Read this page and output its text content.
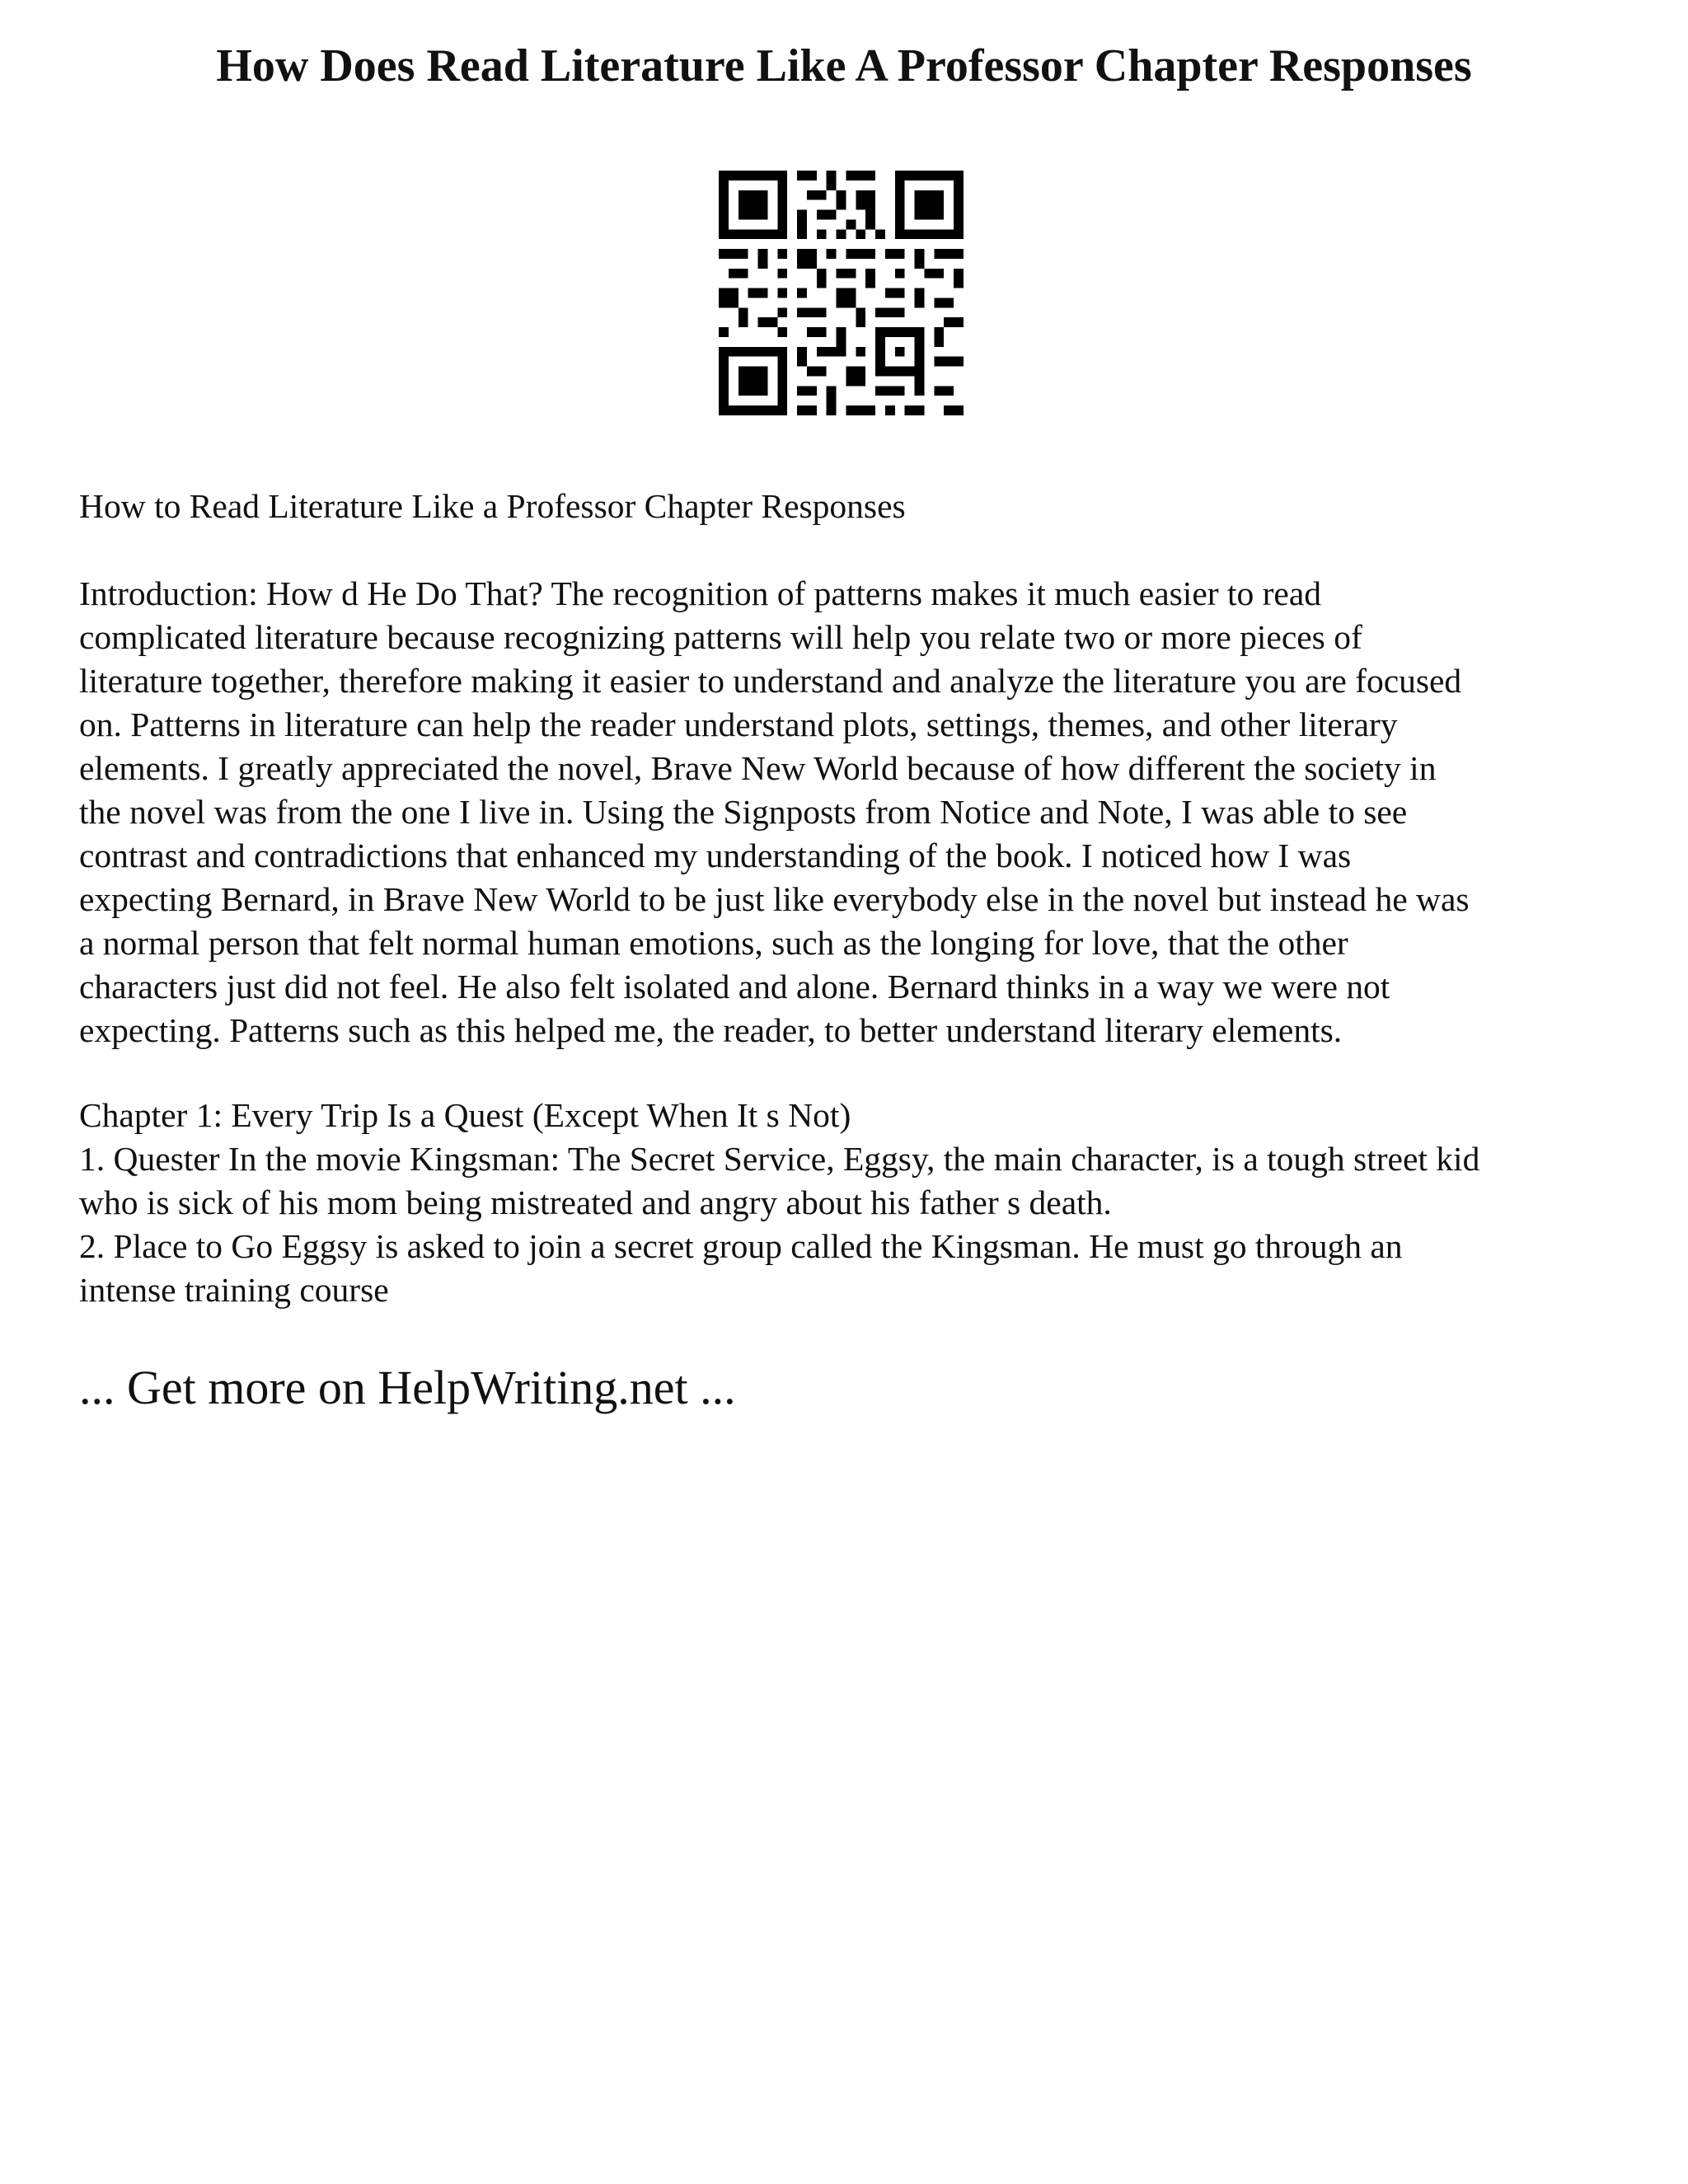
How Does Read Literature Like A Professor Chapter Responses

How to Read Literature Like a Professor Chapter Responses

Introduction: How d He Do That? The recognition of patterns makes it much easier to read
complicated literature because recognizing patterns will help you relate two or more pieces of
literature together, therefore making it easier to understand and analyze the literature you are focused
on. Patterns in literature can help the reader understand plots, settings, themes, and other literary
elements. I greatly appreciated the novel, Brave New World because of how different the society in
the novel was from the one I live in. Using the Signposts from Notice and Note, I was able to see
contrast and contradictions that enhanced my understanding of the book. I noticed how I was
expecting Bernard, in Brave New World to be just like everybody else in the novel but instead he was
a normal person that felt normal human emotions, such as the longing for love, that the other
characters just did not feel. He also felt isolated and alone. Bernard thinks in a way we were not
expecting. Patterns such as this helped me, the reader, to better understand literary elements.

Chapter 1: Every Trip Is a Quest (Except When It s Not)
1. Quester In the movie Kingsman: The Secret Service, Eggsy, the main character, is a tough street kid
who is sick of his mom being mistreated and angry about his father s death.
2. Place to Go Eggsy is asked to join a secret group called the Kingsman. He must go through an
intense training course

... Get more on HelpWriting.net ...
